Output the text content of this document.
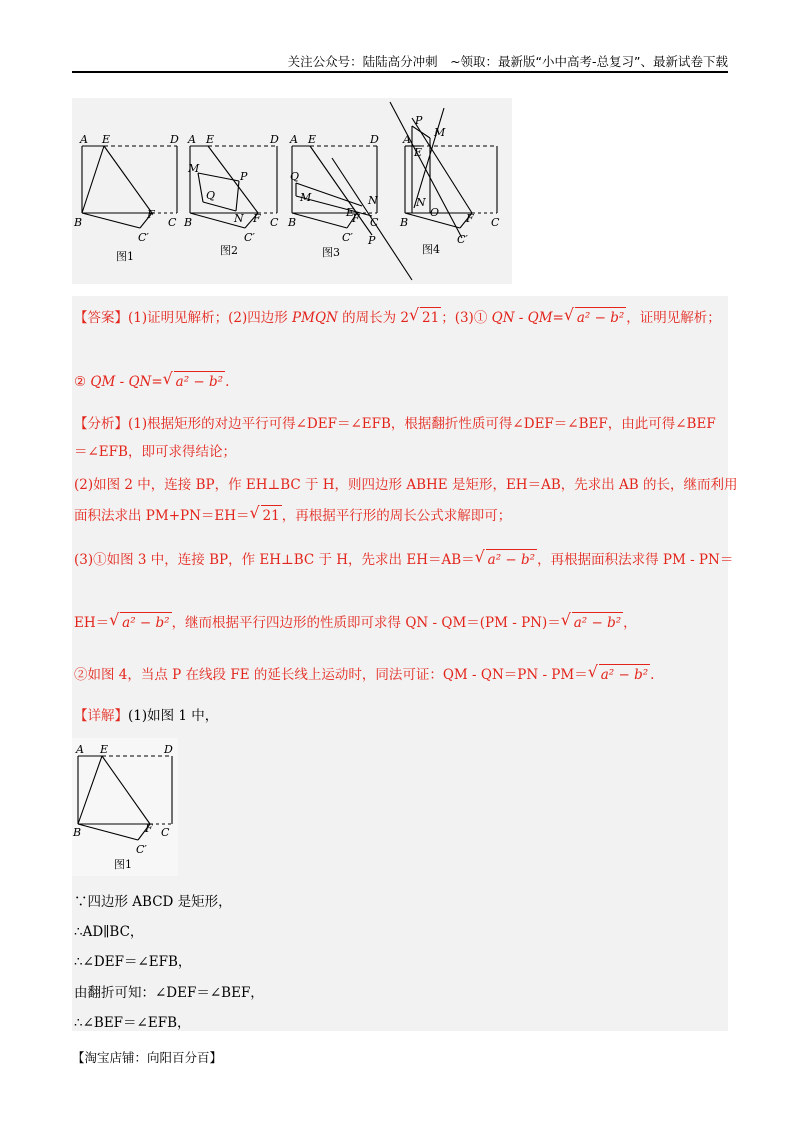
关注公众号：陆陆高分冲刺　~领取：最新版“小中高考-总复习”、最新试卷下载
A E	D
B
F
C
C′
A E	D
M
P
Q
N
B	F C
C′
A E	D
Q
M
E
N
B	F C
C′ P
A
P
M
E
N
O
B	F C
C′
图1	图2	图3	图4
【答案】(1)证明见解析；(2)四边形 PMQN 的周长为 2 √ 21 ；(3)① QN - QM= √ a² − b² ，证明见解析；
② QM - QN= √ a² − b² .
【分析】(1)根据矩形的对边平行可得∠DEF＝∠EFB，根据翻折性质可得∠DEF＝∠BEF，由此可得∠BEF
＝∠EFB，即可求得结论；
(2)如图 2 中，连接 BP，作 EH⊥BC 于 H，则四边形 ABHE 是矩形，EH＝AB，先求出 AB 的长，继而利用
面积法求出 PM+PN＝EH＝ √ 21 ，再根据平行形的周长公式求解即可；
(3)①如图 3 中，连接 BP，作 EH⊥BC 于 H，先求出 EH＝AB＝ √ a² − b² ，再根据面积法求得 PM - PN＝
EH＝ √ a² − b² ，继而根据平行四边形的性质即可求得 QN - QM＝(PM - PN)＝ √ a² − b² ，
②如图 4，当点 P 在线段 FE 的延长线上运动时，同法可证：QM - QN＝PN - PM＝ √ a² − b² .
【详解】(1)如图 1 中，
A E	D
B	F C
C′
图1
∵四边形 ABCD 是矩形，
∴AD∥BC，
∴∠DEF＝∠EFB，
由翻折可知：∠DEF＝∠BEF，
∴∠BEF＝∠EFB，
【淘宝店铺：向阳百分百】
